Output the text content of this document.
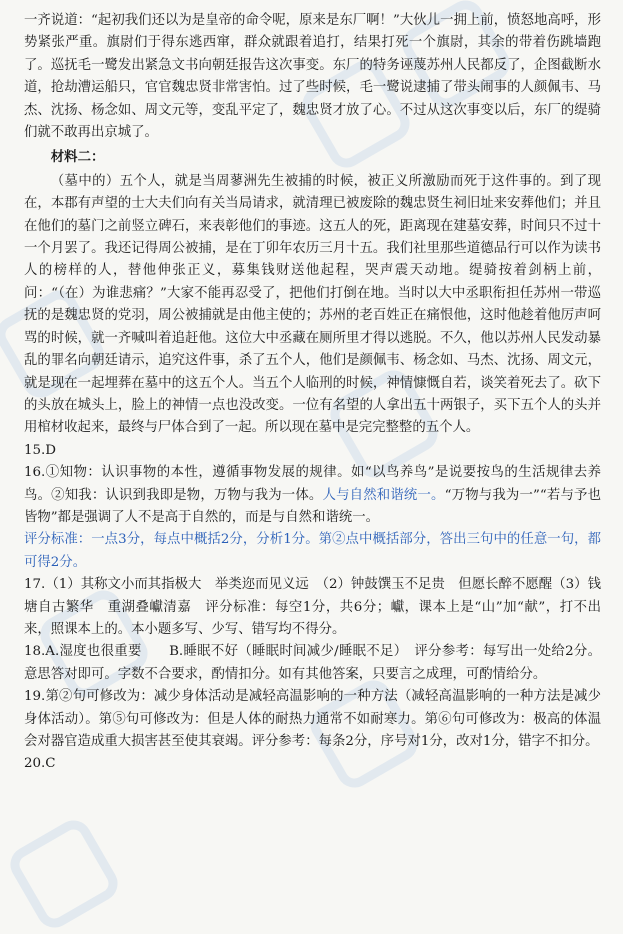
一齐说道：“起初我们还以为是皇帝的命令呢，原来是东厂啊！”大伙儿一拥上前，愤怒地高呼，形势紧张严重。旗尉们于得东逃西窜，群众就跟着追打，结果打死一个旗尉，其余的带着伤跳墙跑了。巡抚毛一鹭发出紧急文书向朝廷报告这次事变。东厂的特务诬蔑苏州人民都反了，企图截断水道，抢劫漕运船只，官官魏忠贤非常害怕。过了些时候，毛一鹭说逮捕了带头闹事的人颜佩韦、马杰、沈扬、杨念如、周文元等，变乱平定了，魏忠贤才放了心。不过从这次事变以后，东厂的缇骑们就不敢再出京城了。

材料二：

（墓中的）五个人，就是当周蓼洲先生被捕的时候，被正义所激励而死于这件事的。到了现在，本郡有声望的士大夫们向有关当局请求，就清理已被废除的魏忠贤生祠旧址来安葬他们；并且在他们的墓门之前竖立碑石，来表彰他们的事迹。这五人的死，距离现在建墓安葬，时间只不过十一个月罢了。我还记得周公被捕，是在丁卯年农历三月十五。我们社里那些道德品行可以作为读书人的榜样的人，替他伸张正义，募集钱财送他起程，哭声震天动地。缇骑按着剑柄上前，问：“（在）为谁悲痛？”大家不能再忍受了，把他们打倒在地。当时以大中丞职衔担任苏州一带巡抚的是魏忠贤的党羽，周公被捕就是由他主使的；苏州的老百姓正在痛恨他，这时他趁着他厉声呵骂的时候，就一齐喊叫着追赶他。这位大中丞藏在厕所里才得以逃脱。不久，他以苏州人民发动暴乱的罪名向朝廷请示，追究这件事，杀了五个人，他们是颜佩韦、杨念如、马杰、沈扬、周文元，就是现在一起埋葬在墓中的这五个人。当五个人临刑的时候，神情慷慨自若，谈笑着死去了。砍下的头放在城头上，脸上的神情一点也没改变。一位有名望的人拿出五十两银子，买下五个人的头并用棺材收起来，最终与尸体合到了一起。所以现在墓中是完完整整的五个人。

15.D

16.①知物：认识事物的本性，遵循事物发展的规律。如“以鸟养鸟”是说要按鸟的生活规律去养鸟。②知我：认识到我即是物，万物与我为一体。人与自然和谐统一。“万物与我为一”“若与予也皆物”都是强调了人不是高于自然的，而是与自然和谐统一。

评分标准：一点3分，每点中概括2分，分析1分。第②点中概括部分，答出三句中的任意一句，都可得2分。

17.（1）其称文小而其指极大　举类迩而见义远　（2）钟鼓馔玉不足贵　但愿长醉不愿醒（3）钱塘自古繁华　重湖叠巘清嘉　评分标准：每空1分，共6分；巘，课本上是“山”加“献”，打不出来，照课本上的。本小题多写、少写、错写均不得分。

18.A.湿度也很重要　　B.睡眠不好（睡眠时间减少/睡眠不足）　评分参考：每写出一处给2分。意思答对即可。字数不合要求，酌情扣分。如有其他答案，只要言之成理，可酌情给分。

19.第②句可修改为：减少身体活动是减轻高温影响的一种方法（减轻高温影响的一种方法是减少身体活动）。第⑤句可修改为：但是人体的耐热力通常不如耐寒力。第⑥句可修改为：极高的体温会对器官造成重大损害甚至使其衰竭。评分参考：每条2分，序号对1分，改对1分，错字不扣分。

20.C
